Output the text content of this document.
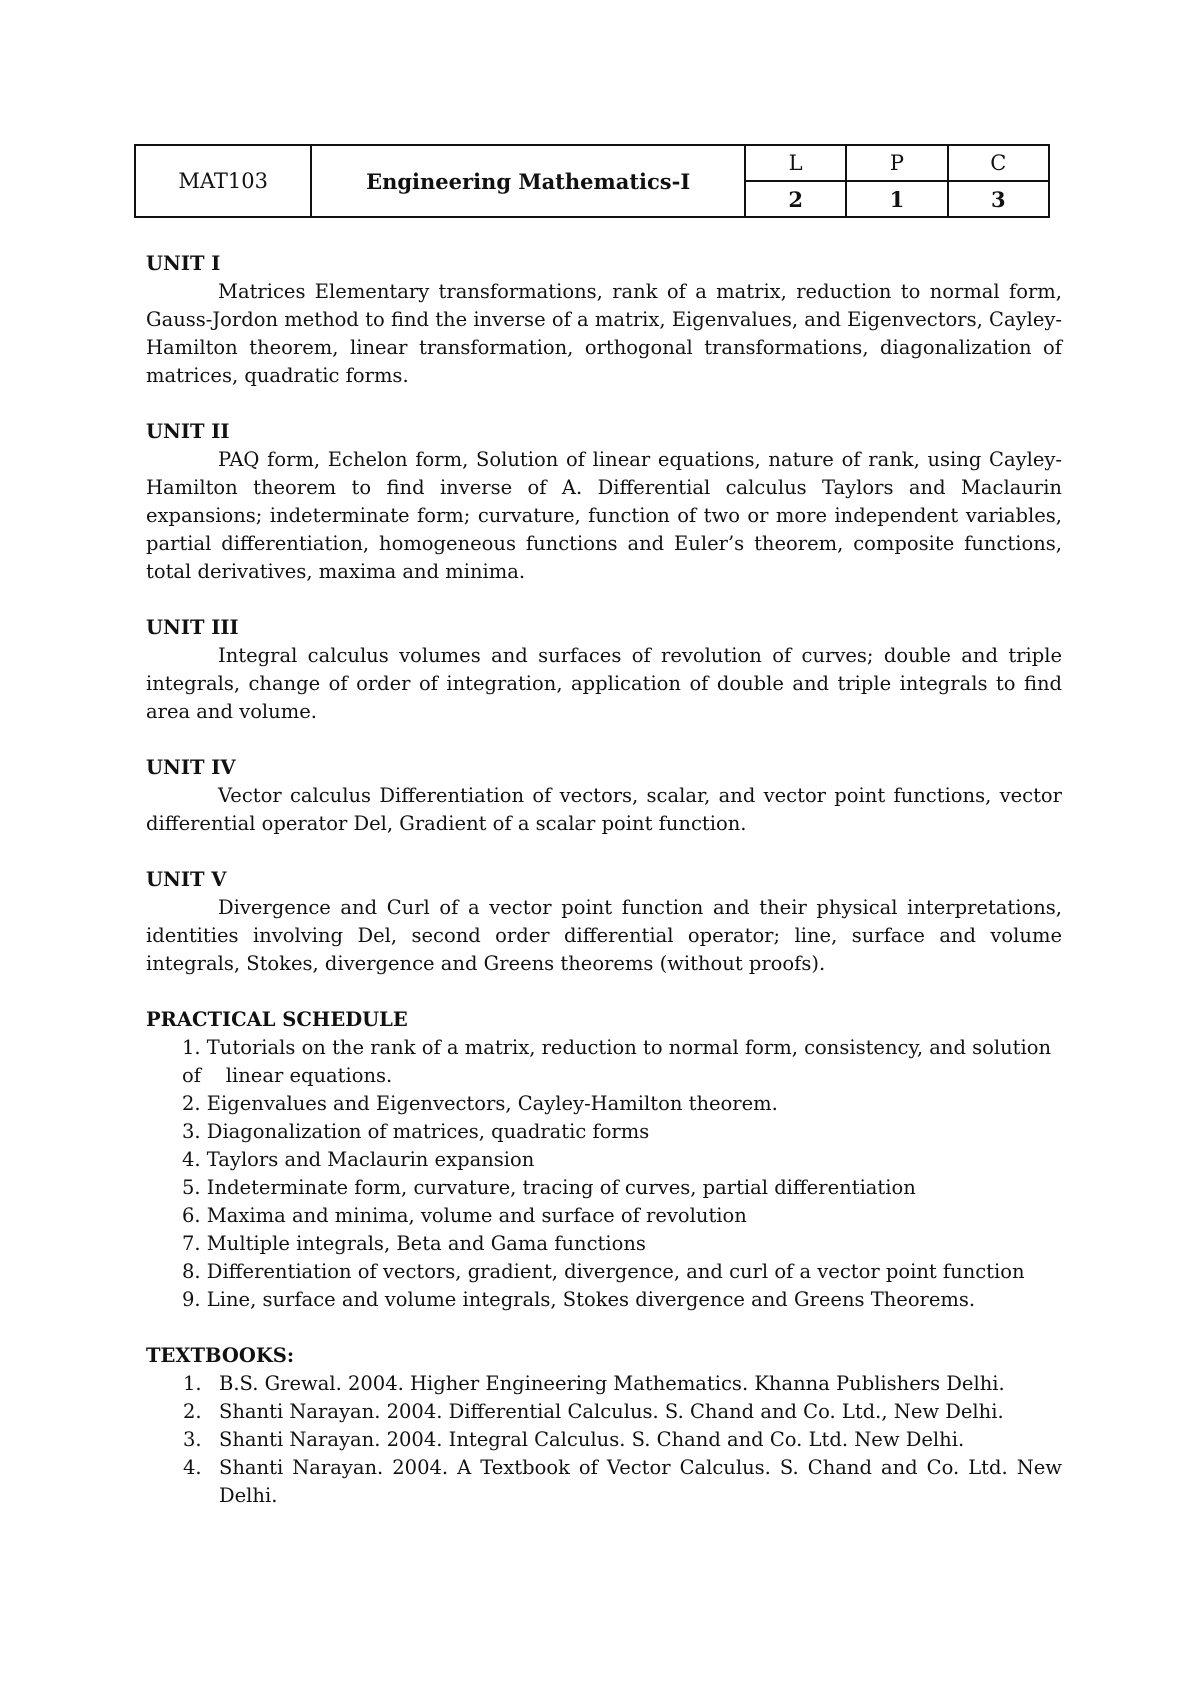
MAT103	Engineering Mathematics-I	L	P	C
		2	1	3

UNIT I

Matrices Elementary transformations, rank of a matrix, reduction to normal form, Gauss-Jordon method to find the inverse of a matrix, Eigenvalues, and Eigenvectors, Cayley-Hamilton theorem, linear transformation, orthogonal transformations, diagonalization of matrices, quadratic forms.

UNIT II

PAQ form, Echelon form, Solution of linear equations, nature of rank, using Cayley-Hamilton theorem to find inverse of A. Differential calculus Taylors and Maclaurin expansions; indeterminate form; curvature, function of two or more independent variables, partial differentiation, homogeneous functions and Euler’s theorem, composite functions, total derivatives, maxima and minima.

UNIT III

Integral calculus volumes and surfaces of revolution of curves; double and triple integrals, change of order of integration, application of double and triple integrals to find area and volume.

UNIT IV

Vector calculus Differentiation of vectors, scalar, and vector point functions, vector differential operator Del, Gradient of a scalar point function.

UNIT V

Divergence and Curl of a vector point function and their physical interpretations, identities involving Del, second order differential operator; line, surface and volume integrals, Stokes, divergence and Greens theorems (without proofs).

PRACTICAL SCHEDULE

1. Tutorials on the rank of a matrix, reduction to normal form, consistency, and solution
of    linear equations.
2. Eigenvalues and Eigenvectors, Cayley-Hamilton theorem.
3. Diagonalization of matrices, quadratic forms
4. Taylors and Maclaurin expansion
5. Indeterminate form, curvature, tracing of curves, partial differentiation
6. Maxima and minima, volume and surface of revolution
7. Multiple integrals, Beta and Gama functions
8. Differentiation of vectors, gradient, divergence, and curl of a vector point function
9. Line, surface and volume integrals, Stokes divergence and Greens Theorems.

TEXTBOOKS:

1. B.S. Grewal. 2004. Higher Engineering Mathematics. Khanna Publishers Delhi.
2. Shanti Narayan. 2004. Differential Calculus. S. Chand and Co. Ltd., New Delhi.
3. Shanti Narayan. 2004. Integral Calculus. S. Chand and Co. Ltd. New Delhi.
4. Shanti Narayan. 2004. A Textbook of Vector Calculus. S. Chand and Co. Ltd. New Delhi.
